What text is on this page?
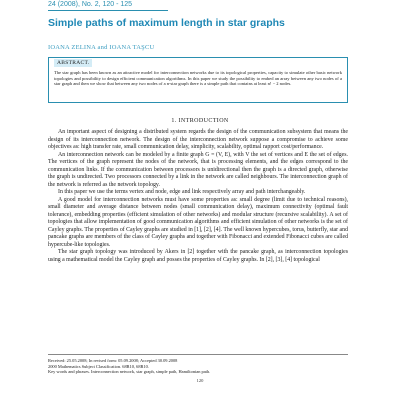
24 (2008), No. 2, 120 - 125
Simple paths of maximum length in star graphs
IOANA ZELINA and IOANA TAŞCU
ABSTRACT.
The star graph has been known as an attractive model for interconnection networks due to its topological properties, capacity to simulate other basic network topologies and possibility to design efficient communication algorithms. In this paper we study the possibility to embed an array between any two nodes of a star graph and then we show that between any two nodes of a n-star graph there is a simple path that contains at least n! − 2 nodes.
1. INTRODUCTION

An important aspect of designing a distributed system regards the design of the communication subsystem that means the design of its interconnection network. The design of the interconnection network suppose a compromise to achieve some objectives as: high transfer rate, small communication delay, simplicity, scalability, optimal rapport cost/performance.

An interconnection network can be modeled by a finite graph G = (V, E), with V the set of vertices and E the set of edges. The vertices of the graph represent the nodes of the network, that is processing elements, and the edges correspond to the communication links. If the communication between processors is unidirectional then the graph is a directed graph, otherwise the graph is undirected. Two processors connected by a link in the network are called neighbours. The interconnection graph of the network is referred as the network topology.

In this paper we use the terms vertex and node, edge and link respectively array and path interchangeably.

A good model for interconnection networks must have some properties as: small degree (limit due to technical reasons), small diameter and average distance between nodes (small communication delay), maximum connectivity (optimal fault tolerance), embedding properties (efficient simulation of other networks) and modular structure (recursive scalability). A set of topologies that allow implementation of good communication algorithms and efficient simulation of other networks is the set of Cayley graphs. The properties of Cayley graphs are studied in [1], [2], [4]. The well known hypercubes, torus, butterfly, star and pancake graphs are members of the class of Cayley graphs and together with Fibonacci and extended Fibonacci cubes are called hypercube-like topologies.

The star graph topology was introduced by Akers in [2] together with the pancake graph, as interconnection topologies using a mathematical model the Cayley graph and posses the properties of Cayley graphs. In [2], [3], [4] topological

Received: 25.05.2008; In revised form: 05.09.2008; Accepted 30.09.2008
2000 Mathematics Subject Classification. 68R10, 68R10.
Key words and phrases. Interconnection network, star graph, simple path, Hamiltonian path.
120
